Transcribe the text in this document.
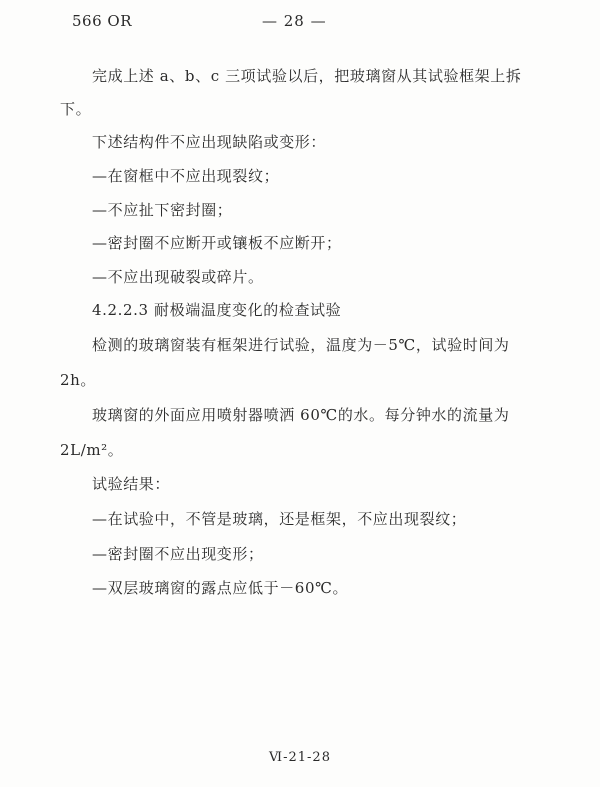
566 OR	— 28 —
完成上述 a、b、c 三项试验以后，把玻璃窗从其试验框架上拆
下。
下述结构件不应出现缺陷或变形：
—在窗框中不应出现裂纹；
—不应扯下密封圈；
—密封圈不应断开或镶板不应断开；
—不应出现破裂或碎片。
4.2.2.3 耐极端温度变化的检查试验
检测的玻璃窗装有框架进行试验，温度为－5℃，试验时间为
2h。
玻璃窗的外面应用喷射器喷洒 60℃的水。每分钟水的流量为
2L/m²。
试验结果：
—在试验中，不管是玻璃，还是框架，不应出现裂纹；
—密封圈不应出现变形；
—双层玻璃窗的露点应低于－60℃。
Ⅵ-21-28
